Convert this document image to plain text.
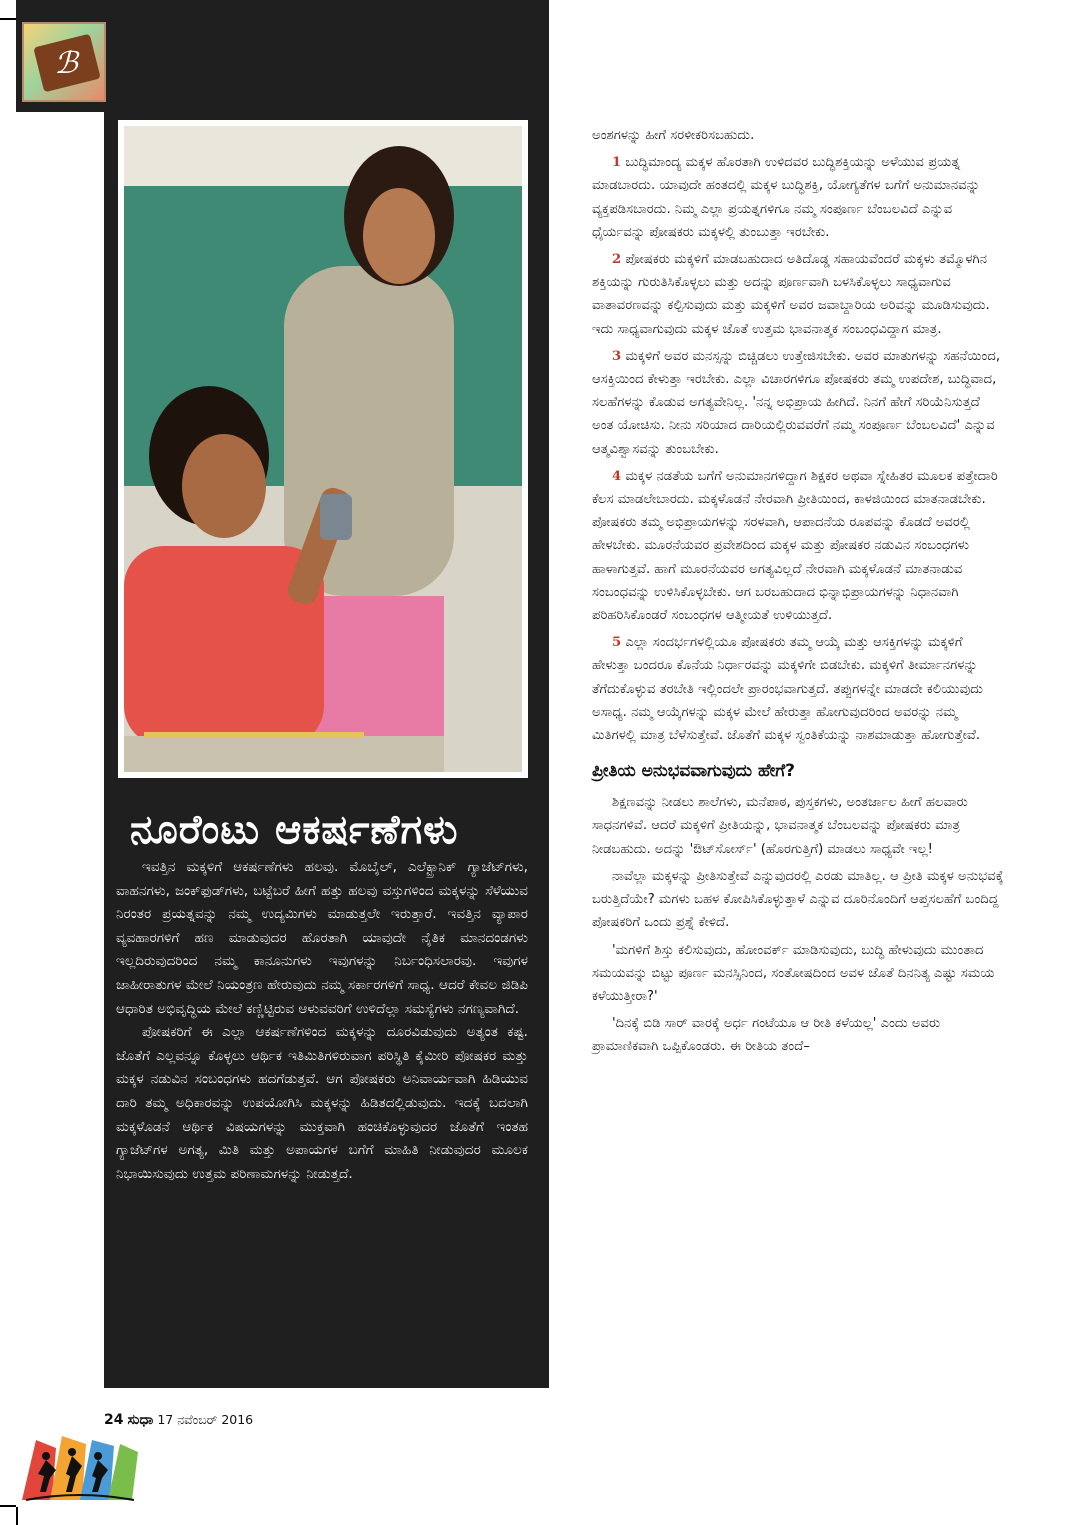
ℬ
ನೂರೆಂಟು ಆಕರ್ಷಣೆಗಳು

ಇವತ್ತಿನ ಮಕ್ಕಳಿಗೆ ಆಕರ್ಷಣೆಗಳು ಹಲವು. ಮೊಬೈಲ್, ಎಲೆಕ್ಟ್ರಾನಿಕ್ ಗ್ಯಾಜೆಟ್‌ಗಳು, ವಾಹನಗಳು, ಜಂಕ್‌ಫುಡ್‌ಗಳು, ಬಟ್ಟೆಬರೆ ಹೀಗೆ ಹತ್ತು ಹಲವು ವಸ್ತುಗಳಿಂದ ಮಕ್ಕಳನ್ನು ಸೆಳೆಯುವ ನಿರಂತರ ಪ್ರಯತ್ನವನ್ನು ನಮ್ಮ ಉದ್ಯಮಿಗಳು ಮಾಡುತ್ತಲೇ ಇರುತ್ತಾರೆ. ಇವತ್ತಿನ ವ್ಯಾಪಾರ ವ್ಯವಹಾರಗಳಿಗೆ ಹಣ ಮಾಡುವುದರ ಹೊರತಾಗಿ ಯಾವುದೇ ನೈತಿಕ ಮಾನದಂಡಗಳು ಇಲ್ಲದಿರುವುದರಿಂದ ನಮ್ಮ ಕಾನೂನುಗಳು ಇವುಗಳನ್ನು ನಿರ್ಬಂಧಿಸಲಾರವು. ಇವುಗಳ ಜಾಹೀರಾತುಗಳ ಮೇಲೆ ನಿಯಂತ್ರಣ ಹೇರುವುದು ನಮ್ಮ ಸರ್ಕಾರಗಳಿಗೆ ಸಾಧ್ಯ. ಆದರೆ ಕೇವಲ ಜಿಡಿಪಿ ಆಧಾರಿತ ಅಭಿವೃದ್ಧಿಯ ಮೇಲೆ ಕಣ್ಣಿಟ್ಟಿರುವ ಆಳುವವರಿಗೆ ಉಳಿದೆಲ್ಲಾ ಸಮಸ್ಯೆಗಳು ನಗಣ್ಯವಾಗಿದೆ.

ಪೋಷಕರಿಗೆ ಈ ಎಲ್ಲಾ ಆಕರ್ಷಣೆಗಳಿಂದ ಮಕ್ಕಳನ್ನು ದೂರವಿಡುವುದು ಅತ್ಯಂತ ಕಷ್ಟ. ಜೊತೆಗೆ ಎಲ್ಲವನ್ನೂ ಕೊಳ್ಳಲು ಆರ್ಥಿಕ ಇತಿಮಿತಿಗಳಿರುವಾಗ ಪರಿಸ್ಥಿತಿ ಕೈಮೀರಿ ಪೋಷಕರ ಮತ್ತು ಮಕ್ಕಳ ನಡುವಿನ ಸಂಬಂಧಗಳು ಹದಗೆಡುತ್ತವೆ. ಆಗ ಪೋಷಕರು ಅನಿವಾರ್ಯವಾಗಿ ಹಿಡಿಯುವ ದಾರಿ ತಮ್ಮ ಅಧಿಕಾರವನ್ನು ಉಪಯೋಗಿಸಿ ಮಕ್ಕಳನ್ನು ಹಿಡಿತದಲ್ಲಿಡುವುದು. ಇದಕ್ಕೆ ಬದಲಾಗಿ ಮಕ್ಕಳೊಡನೆ ಆರ್ಥಿಕ ವಿಷಯಗಳನ್ನು ಮುಕ್ತವಾಗಿ ಹಂಚಿಕೊಳ್ಳುವುದರ ಜೊತೆಗೆ ಇಂತಹ ಗ್ಯಾಜೆಟ್‌ಗಳ ಅಗತ್ಯ, ಮಿತಿ ಮತ್ತು ಅಪಾಯಗಳ ಬಗೆಗೆ ಮಾಹಿತಿ ನೀಡುವುದರ ಮೂಲಕ ನಿಭಾಯಿಸುವುದು ಉತ್ತಮ ಪರಿಣಾಮಗಳನ್ನು ನೀಡುತ್ತದೆ.

ಅಂಶಗಳನ್ನು ಹೀಗೆ ಸರಳೀಕರಿಸಬಹುದು.

1 ಬುದ್ಧಿಮಾಂದ್ಯ ಮಕ್ಕಳ ಹೊರತಾಗಿ ಉಳಿದವರ ಬುದ್ಧಿಶಕ್ತಿಯನ್ನು ಅಳೆಯುವ ಪ್ರಯತ್ನ ಮಾಡಬಾರದು. ಯಾವುದೇ ಹಂತದಲ್ಲಿ ಮಕ್ಕಳ ಬುದ್ಧಿಶಕ್ತಿ, ಯೋಗ್ಯತೆಗಳ ಬಗೆಗೆ ಅನುಮಾನವನ್ನು ವ್ಯಕ್ತಪಡಿಸಬಾರದು. ನಿಮ್ಮ ಎಲ್ಲಾ ಪ್ರಯತ್ನಗಳಿಗೂ ನಮ್ಮ ಸಂಪೂರ್ಣ ಬೆಂಬಲವಿದೆ ಎನ್ನುವ ಧೈರ್ಯವನ್ನು ಪೋಷಕರು ಮಕ್ಕಳಲ್ಲಿ ತುಂಬುತ್ತಾ ಇರಬೇಕು.

2 ಪೋಷಕರು ಮಕ್ಕಳಿಗೆ ಮಾಡಬಹುದಾದ ಅತಿದೊಡ್ಡ ಸಹಾಯವೆಂದರೆ ಮಕ್ಕಳು ತಮ್ಮೊಳಗಿನ ಶಕ್ತಿಯನ್ನು ಗುರುತಿಸಿಕೊಳ್ಳಲು ಮತ್ತು ಅದನ್ನು ಪೂರ್ಣವಾಗಿ ಬಳಸಿಕೊಳ್ಳಲು ಸಾಧ್ಯವಾಗುವ ವಾತಾವರಣವನ್ನು ಕಲ್ಪಿಸುವುದು ಮತ್ತು ಮಕ್ಕಳಿಗೆ ಅವರ ಜವಾಬ್ದಾರಿಯ ಅರಿವನ್ನು ಮೂಡಿಸುವುದು. ಇದು ಸಾಧ್ಯವಾಗುವುದು ಮಕ್ಕಳ ಜೊತೆ ಉತ್ತಮ ಭಾವನಾತ್ಮಕ ಸಂಬಂಧವಿದ್ದಾಗ ಮಾತ್ರ.

3 ಮಕ್ಕಳಿಗೆ ಅವರ ಮನಸ್ಸನ್ನು ಬಿಚ್ಚಿಡಲು ಉತ್ತೇಜಿಸಬೇಕು. ಅವರ ಮಾತುಗಳನ್ನು ಸಹನೆಯಿಂದ, ಆಸಕ್ತಿಯಿಂದ ಕೇಳುತ್ತಾ ಇರಬೇಕು. ಎಲ್ಲಾ ವಿಚಾರಗಳಿಗೂ ಪೋಷಕರು ತಮ್ಮ ಉಪದೇಶ, ಬುದ್ಧಿವಾದ, ಸಲಹೆಗಳನ್ನು ಕೊಡುವ ಅಗತ್ಯವೇನಿಲ್ಲ. 'ನನ್ನ ಅಭಿಪ್ರಾಯ ಹೀಗಿದೆ. ನಿನಗೆ ಹೇಗೆ ಸರಿಯೆನಿಸುತ್ತದೆ ಅಂತ ಯೋಚಿಸು. ನೀನು ಸರಿಯಾದ ದಾರಿಯಲ್ಲಿರುವವರೆಗೆ ನಮ್ಮ ಸಂಪೂರ್ಣ ಬೆಂಬಲವಿದೆ' ಎನ್ನುವ ಆತ್ಮವಿಶ್ವಾಸವನ್ನು ತುಂಬಬೇಕು.

4 ಮಕ್ಕಳ ನಡತೆಯ ಬಗೆಗೆ ಅನುಮಾನಗಳಿದ್ದಾಗ ಶಿಕ್ಷಕರ ಅಥವಾ ಸ್ನೇಹಿತರ ಮೂಲಕ ಪತ್ತೇದಾರಿ ಕೆಲಸ ಮಾಡಲೇಬಾರದು. ಮಕ್ಕಳೊಡನೆ ನೇರವಾಗಿ ಪ್ರೀತಿಯಿಂದ, ಕಾಳಜಿಯಿಂದ ಮಾತನಾಡಬೇಕು. ಪೋಷಕರು ತಮ್ಮ ಅಭಿಪ್ರಾಯಗಳನ್ನು ಸರಳವಾಗಿ, ಆಪಾದನೆಯ ರೂಪವನ್ನು ಕೊಡದೆ ಅವರಲ್ಲಿ ಹೇಳಬೇಕು. ಮೂರನೆಯವರ ಪ್ರವೇಶದಿಂದ ಮಕ್ಕಳ ಮತ್ತು ಪೋಷಕರ ನಡುವಿನ ಸಂಬಂಧಗಳು ಹಾಳಾಗುತ್ತವೆ. ಹಾಗೆ ಮೂರನೆಯವರ ಅಗತ್ಯವಿಲ್ಲದೆ ನೇರವಾಗಿ ಮಕ್ಕಳೊಡನೆ ಮಾತನಾಡುವ ಸಂಬಂಧವನ್ನು ಉಳಿಸಿಕೊಳ್ಳಬೇಕು. ಆಗ ಬರಬಹುದಾದ ಭಿನ್ನಾಭಿಪ್ರಾಯಗಳನ್ನು ನಿಧಾನವಾಗಿ ಪರಿಹರಿಸಿಕೊಂಡರೆ ಸಂಬಂಧಗಳ ಆತ್ಮೀಯತೆ ಉಳಿಯುತ್ತದೆ.

5 ಎಲ್ಲಾ ಸಂದರ್ಭಗಳಲ್ಲಿಯೂ ಪೋಷಕರು ತಮ್ಮ ಆಯ್ಕೆ ಮತ್ತು ಆಸಕ್ತಿಗಳನ್ನು ಮಕ್ಕಳಿಗೆ ಹೇಳುತ್ತಾ ಬಂದರೂ ಕೊನೆಯ ನಿರ್ಧಾರವನ್ನು ಮಕ್ಕಳಿಗೇ ಬಿಡಬೇಕು. ಮಕ್ಕಳಿಗೆ ತೀರ್ಮಾನಗಳನ್ನು ತೆಗೆದುಕೊಳ್ಳುವ ತರಬೇತಿ ಇಲ್ಲಿಂದಲೇ ಪ್ರಾರಂಭವಾಗುತ್ತದೆ. ತಪ್ಪುಗಳನ್ನೇ ಮಾಡದೇ ಕಲಿಯುವುದು ಅಸಾಧ್ಯ. ನಮ್ಮ ಆಯ್ಕೆಗಳನ್ನು ಮಕ್ಕಳ ಮೇಲೆ ಹೇರುತ್ತಾ ಹೋಗುವುದರಿಂದ ಅವರನ್ನು ನಮ್ಮ ಮಿತಿಗಳಲ್ಲಿ ಮಾತ್ರ ಬೆಳೆಸುತ್ತೇವೆ. ಜೊತೆಗೆ ಮಕ್ಕಳ ಸ್ವಂತಿಕೆಯನ್ನು ನಾಶಮಾಡುತ್ತಾ ಹೋಗುತ್ತೇವೆ.

ಪ್ರೀತಿಯ ಅನುಭವವಾಗುವುದು ಹೇಗೆ?

ಶಿಕ್ಷಣವನ್ನು ನೀಡಲು ಶಾಲೆಗಳು, ಮನೆಪಾಠ, ಪುಸ್ತಕಗಳು, ಅಂತರ್ಜಾಲ ಹೀಗೆ ಹಲವಾರು ಸಾಧನಗಳಿವೆ. ಆದರೆ ಮಕ್ಕಳಿಗೆ ಪ್ರೀತಿಯನ್ನು, ಭಾವನಾತ್ಮಕ ಬೆಂಬಲವನ್ನು ಪೋಷಕರು ಮಾತ್ರ ನೀಡಬಹುದು. ಅದನ್ನು 'ಔಟ್‌ಸೋರ್ಸ್' (ಹೊರಗುತ್ತಿಗೆ) ಮಾಡಲು ಸಾಧ್ಯವೇ ಇಲ್ಲ!

ನಾವೆಲ್ಲಾ ಮಕ್ಕಳನ್ನು ಪ್ರೀತಿಸುತ್ತೇವೆ ಎನ್ನುವುದರಲ್ಲಿ ಎರಡು ಮಾತಿಲ್ಲ. ಆ ಪ್ರೀತಿ ಮಕ್ಕಳ ಅನುಭವಕ್ಕೆ ಬರುತ್ತಿದೆಯೇ? ಮಗಳು ಬಹಳ ಕೋಪಿಸಿಕೊಳ್ಳುತ್ತಾಳೆ ಎನ್ನುವ ದೂರಿನೊಂದಿಗೆ ಆಪ್ತಸಲಹೆಗೆ ಬಂದಿದ್ದ ಪೋಷಕರಿಗೆ ಒಂದು ಪ್ರಶ್ನೆ ಕೇಳಿದೆ.

'ಮಗಳಿಗೆ ಶಿಸ್ತು ಕಲಿಸುವುದು, ಹೋಂವರ್ಕ್ ಮಾಡಿಸುವುದು, ಬುದ್ಧಿ ಹೇಳುವುದು ಮುಂತಾದ ಸಮಯವನ್ನು ಬಿಟ್ಟು ಪೂರ್ಣ ಮನಸ್ಸಿನಿಂದ, ಸಂತೋಷದಿಂದ ಅವಳ ಜೊತೆ ದಿನನಿತ್ಯ ಎಷ್ಟು ಸಮಯ ಕಳೆಯುತ್ತೀರಾ?'

'ದಿನಕ್ಕೆ ಬಿಡಿ ಸಾರ್ ವಾರಕ್ಕೆ ಅರ್ಧ ಗಂಟೆಯೂ ಆ ರೀತಿ ಕಳೆಯಲ್ಲ' ಎಂದು ಅವರು ಪ್ರಾಮಾಣಿಕವಾಗಿ ಒಪ್ಪಿಕೊಂಡರು. ಈ ರೀತಿಯ ತಂದೆ–

24 ಸುಧಾ 17 ನವೆಂಬರ್ 2016
